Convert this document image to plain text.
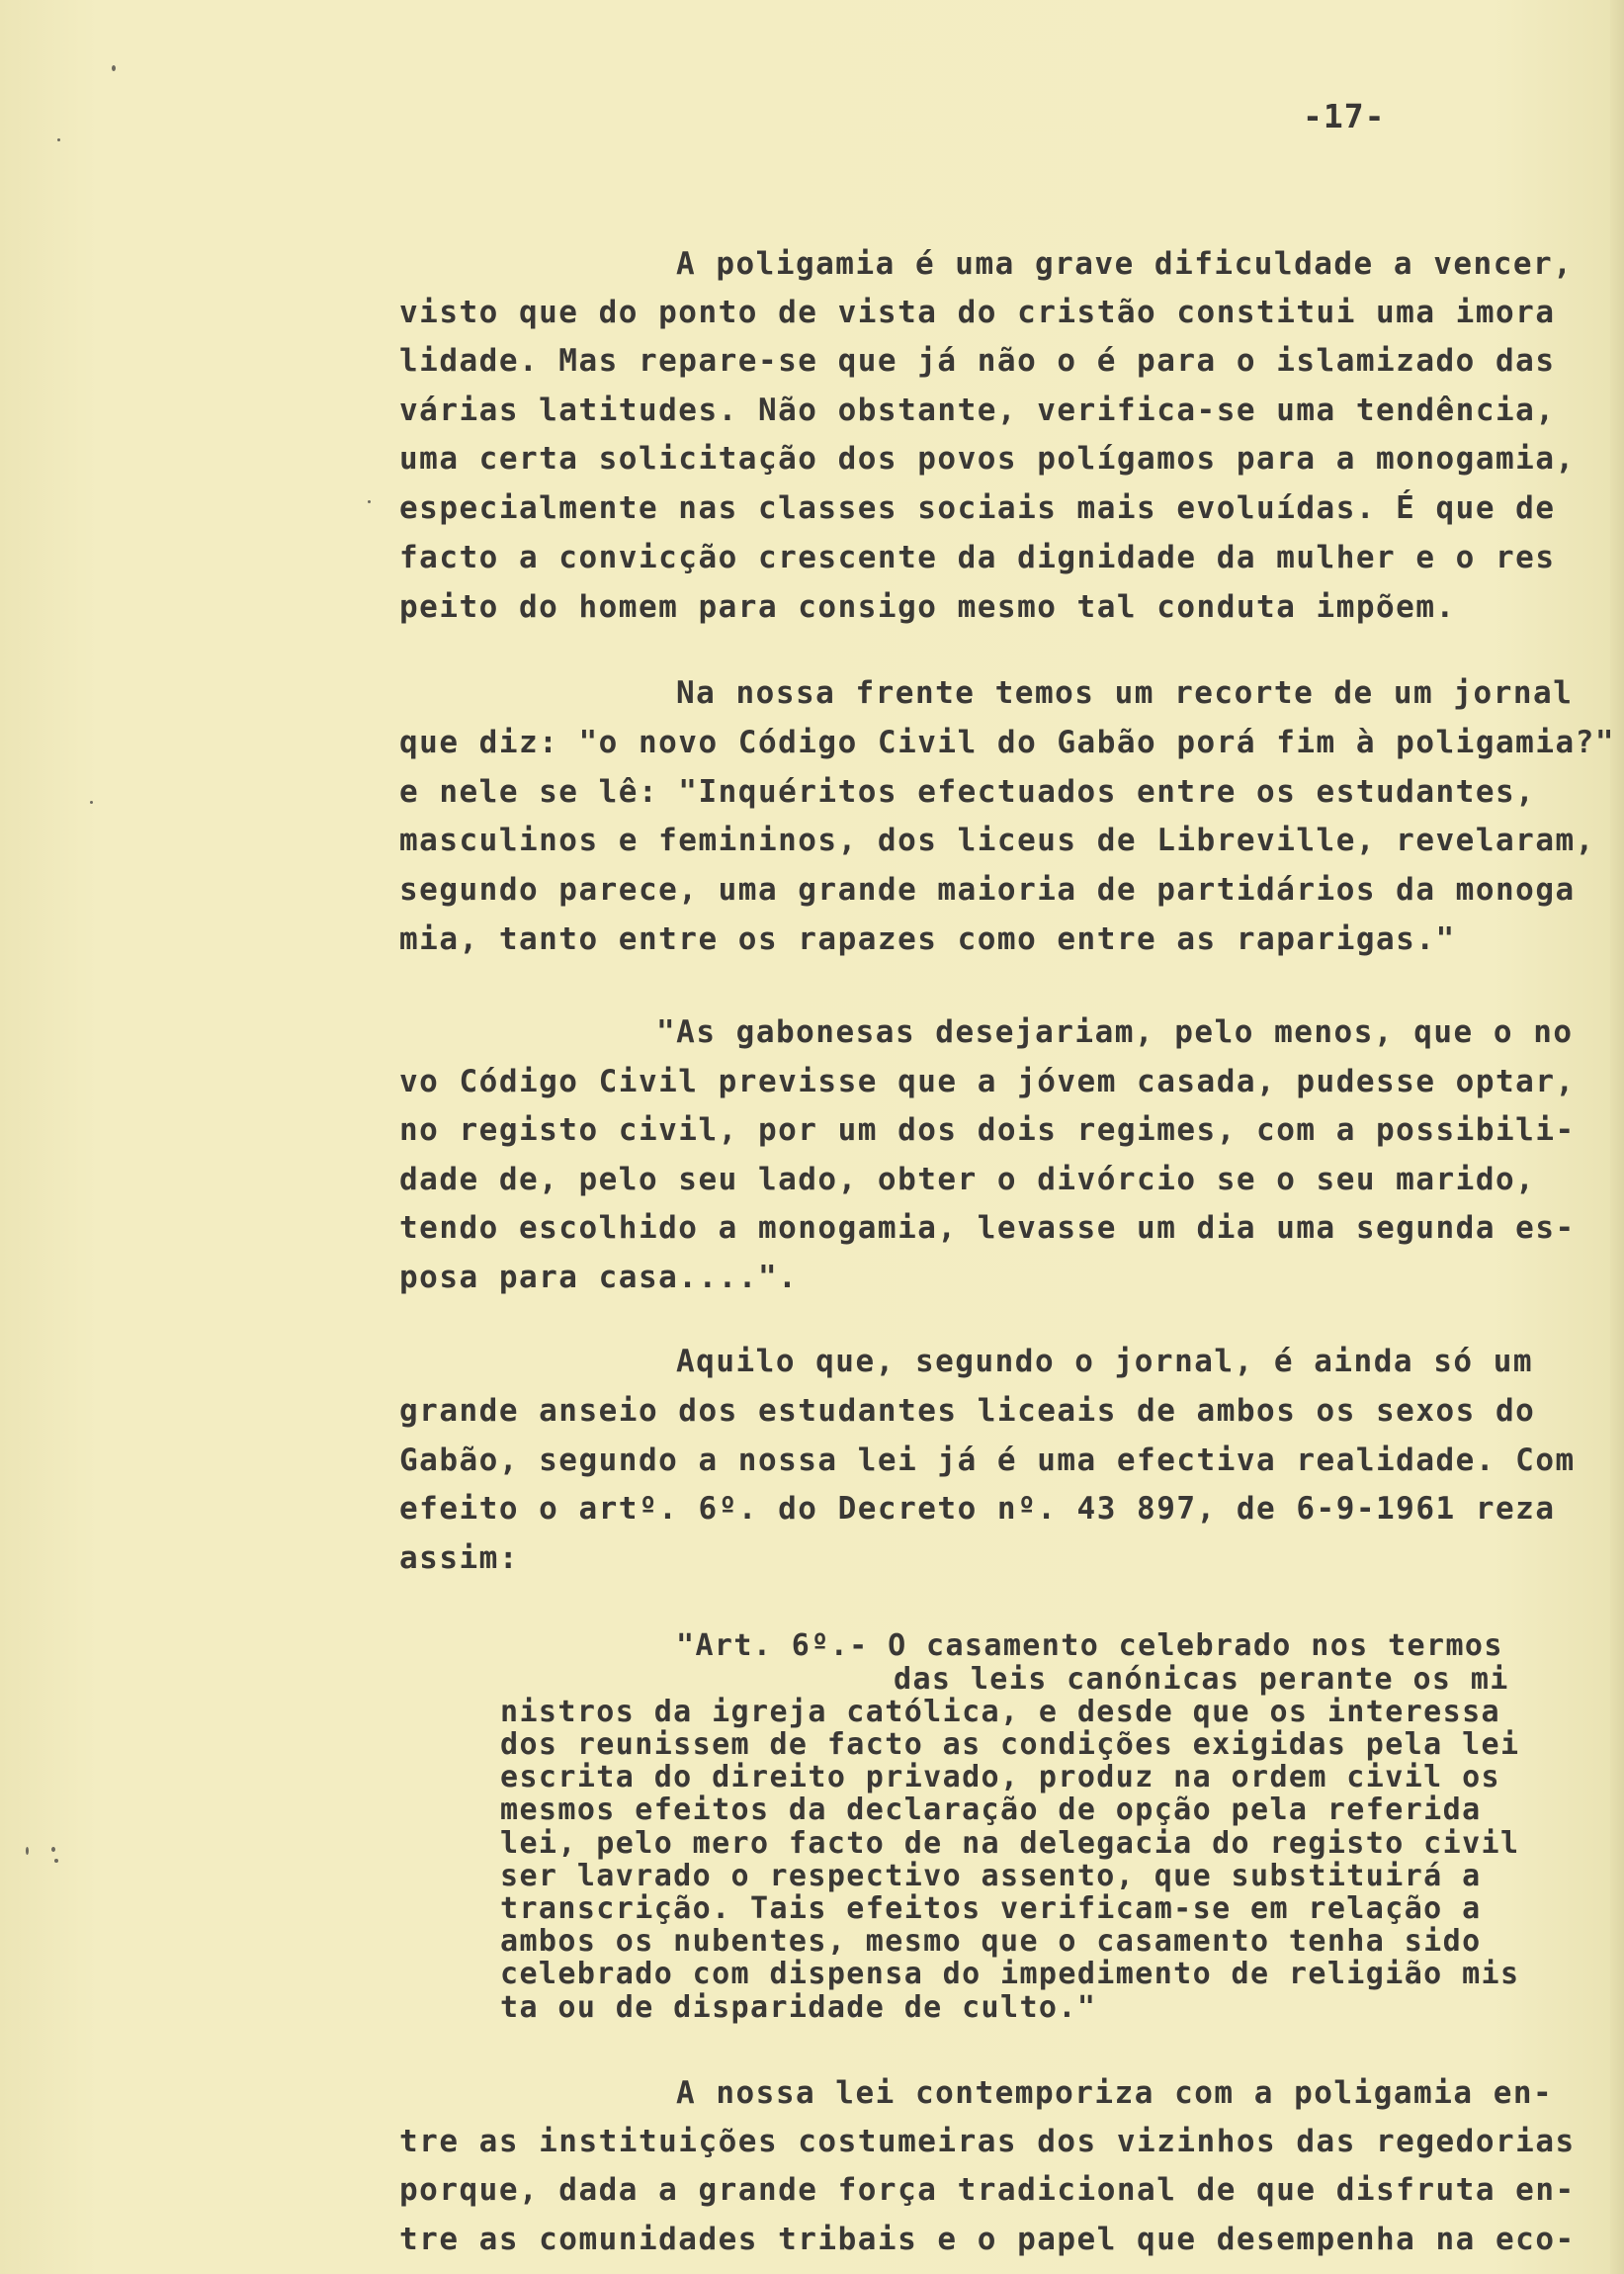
-17-
A poligamia é uma grave dificuldade a vencer,
visto que do ponto de vista do cristão constitui uma imora
lidade. Mas repare-se que já não o é para o islamizado das
várias latitudes. Não obstante, verifica-se uma tendência,
uma certa solicitação dos povos polígamos para a monogamia,
especialmente nas classes sociais mais evoluídas. É que de
facto a convicção crescente da dignidade da mulher e o res
peito do homem para consigo mesmo tal conduta impõem.
Na nossa frente temos um recorte de um jornal
que diz: "o novo Código Civil do Gabão porá fim à poligamia?"
e nele se lê: "Inquéritos efectuados entre os estudantes,
masculinos e femininos, dos liceus de Libreville, revelaram,
segundo parece, uma grande maioria de partidários da monoga
mia, tanto entre os rapazes como entre as raparigas."
"As gabonesas desejariam, pelo menos, que o no
vo Código Civil previsse que a jóvem casada, pudesse optar,
no registo civil, por um dos dois regimes, com a possibili-
dade de, pelo seu lado, obter o divórcio se o seu marido,
tendo escolhido a monogamia, levasse um dia uma segunda es-
posa para casa....".
Aquilo que, segundo o jornal, é ainda só um
grande anseio dos estudantes liceais de ambos os sexos do
Gabão, segundo a nossa lei já é uma efectiva realidade. Com
efeito o artº. 6º. do Decreto nº. 43 897, de 6-9-1961 reza
assim:
"Art. 6º.- O casamento celebrado nos termos
das leis canónicas perante os mi
nistros da igreja católica, e desde que os interessa
dos reunissem de facto as condições exigidas pela lei
escrita do direito privado, produz na ordem civil os
mesmos efeitos da declaração de opção pela referida
lei, pelo mero facto de na delegacia do registo civil
ser lavrado o respectivo assento, que substituirá a
transcrição. Tais efeitos verificam-se em relação a
ambos os nubentes, mesmo que o casamento tenha sido
celebrado com dispensa do impedimento de religião mis
ta ou de disparidade de culto."
A nossa lei contemporiza com a poligamia en-
tre as instituições costumeiras dos vizinhos das regedorias
porque, dada a grande força tradicional de que disfruta en-
tre as comunidades tribais e o papel que desempenha na eco-
